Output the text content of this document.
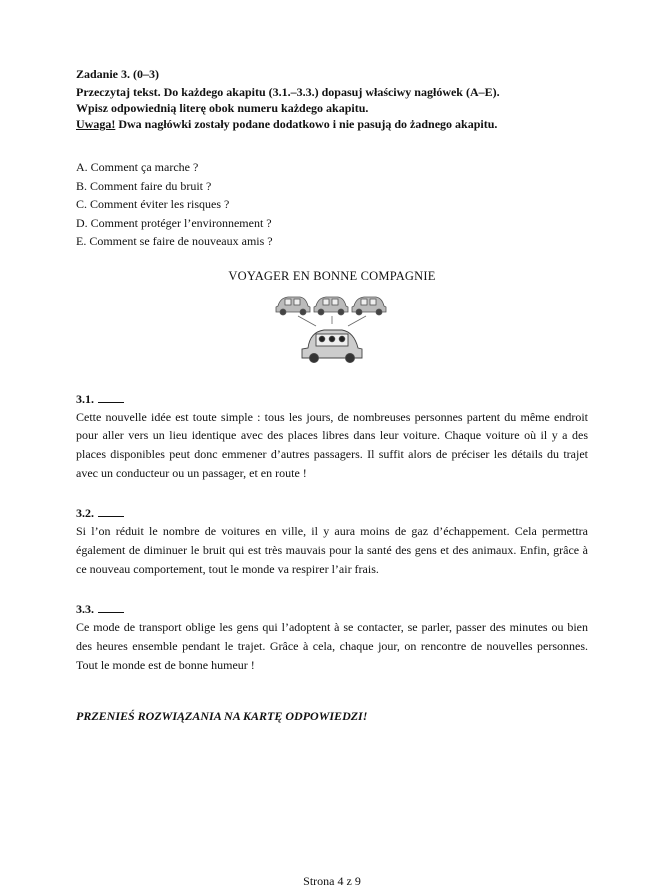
Zadanie 3. (0–3)

Przeczytaj tekst. Do każdego akapitu (3.1.–3.3.) dopasuj właściwy nagłówek (A–E).

Wpisz odpowiednią literę obok numeru każdego akapitu.

Uwaga! Dwa nagłówki zostały podane dodatkowo i nie pasują do żadnego akapitu.

A. Comment ça marche ?
B. Comment faire du bruit ?
C. Comment éviter les risques ?
D. Comment protéger l’environnement ?
E. Comment se faire de nouveaux amis ?
VOYAGER EN BONNE COMPAGNIE
3.1.

Cette nouvelle idée est toute simple : tous les jours, de nombreuses personnes partent du même endroit pour aller vers un lieu identique avec des places libres dans leur voiture. Chaque voiture où il y a des places disponibles peut donc emmener d’autres passagers. Il suffit alors de préciser les détails du trajet avec un conducteur ou un passager, et en route !

3.2.

Si l’on réduit le nombre de voitures en ville, il y aura moins de gaz d’échappement. Cela permettra également de diminuer le bruit qui est très mauvais pour la santé des gens et des animaux. Enfin, grâce à ce nouveau comportement, tout le monde va respirer l’air frais.

3.3.

Ce mode de transport oblige les gens qui l’adoptent à se contacter, se parler, passer des minutes ou bien des heures ensemble pendant le trajet. Grâce à cela, chaque jour, on rencontre de nouvelles personnes. Tout le monde est de bonne humeur !

PRZENIEŚ ROZWIĄZANIA NA KARTĘ ODPOWIEDZI!
Strona 4 z 9
